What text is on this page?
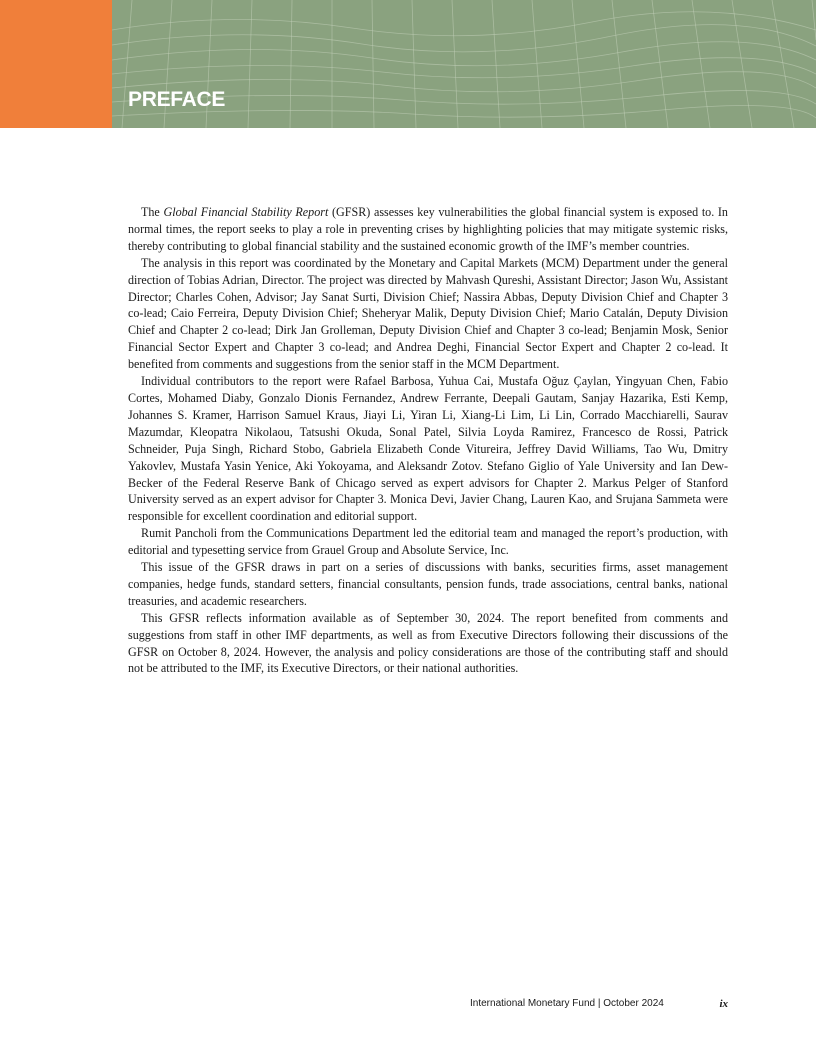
PREFACE

The Global Financial Stability Report (GFSR) assesses key vulnerabilities the global financial system is exposed to. In normal times, the report seeks to play a role in preventing crises by highlighting policies that may mitigate systemic risks, thereby contributing to global financial stability and the sustained economic growth of the IMF’s member countries.

The analysis in this report was coordinated by the Monetary and Capital Markets (MCM) Department under the general direction of Tobias Adrian, Director. The project was directed by Mahvash Qureshi, Assistant Director; Jason Wu, Assistant Director; Charles Cohen, Advisor; Jay Sanat Surti, Division Chief; Nassira Abbas, Deputy Division Chief and Chapter 3 co-lead; Caio Ferreira, Deputy Division Chief; Sheheryar Malik, Deputy Division Chief; Mario Catalán, Deputy Division Chief and Chapter 2 co-lead; Dirk Jan Grolleman, Deputy Division Chief and Chapter 3 co-lead; Benjamin Mosk, Senior Financial Sector Expert and Chapter 3 co-lead; and Andrea Deghi, Financial Sector Expert and Chapter 2 co-lead. It benefited from comments and suggestions from the senior staff in the MCM Department.

Individual contributors to the report were Rafael Barbosa, Yuhua Cai, Mustafa Oğuz Çaylan, Yingyuan Chen, Fabio Cortes, Mohamed Diaby, Gonzalo Dionis Fernandez, Andrew Ferrante, Deepali Gautam, Sanjay Hazarika, Esti Kemp, Johannes S. Kramer, Harrison Samuel Kraus, Jiayi Li, Yiran Li, Xiang-Li Lim, Li Lin, Corrado Macchiarelli, Saurav Mazumdar, Kleopatra Nikolaou, Tatsushi Okuda, Sonal Patel, Silvia Loyda Ramirez, Francesco de Rossi, Patrick Schneider, Puja Singh, Richard Stobo, Gabriela Elizabeth Conde Vitureira, Jeffrey David Williams, Tao Wu, Dmitry Yakovlev, Mustafa Yasin Yenice, Aki Yokoyama, and Aleksandr Zotov. Stefano Giglio of Yale University and Ian Dew-Becker of the Federal Reserve Bank of Chicago served as expert advisors for Chapter 2. Markus Pelger of Stanford University served as an expert advisor for Chapter 3. Monica Devi, Javier Chang, Lauren Kao, and Srujana Sammeta were responsible for excellent coordination and editorial support.

Rumit Pancholi from the Communications Department led the editorial team and managed the report’s production, with editorial and typesetting service from Grauel Group and Absolute Service, Inc.

This issue of the GFSR draws in part on a series of discussions with banks, securities firms, asset management companies, hedge funds, standard setters, financial consultants, pension funds, trade associations, central banks, national treasuries, and academic researchers.

This GFSR reflects information available as of September 30, 2024. The report benefited from comments and suggestions from staff in other IMF departments, as well as from Executive Directors following their discussions of the GFSR on October 8, 2024. However, the analysis and policy considerations are those of the contributing staff and should not be attributed to the IMF, its Executive Directors, or their national authorities.

International Monetary Fund | October 2024	ix
